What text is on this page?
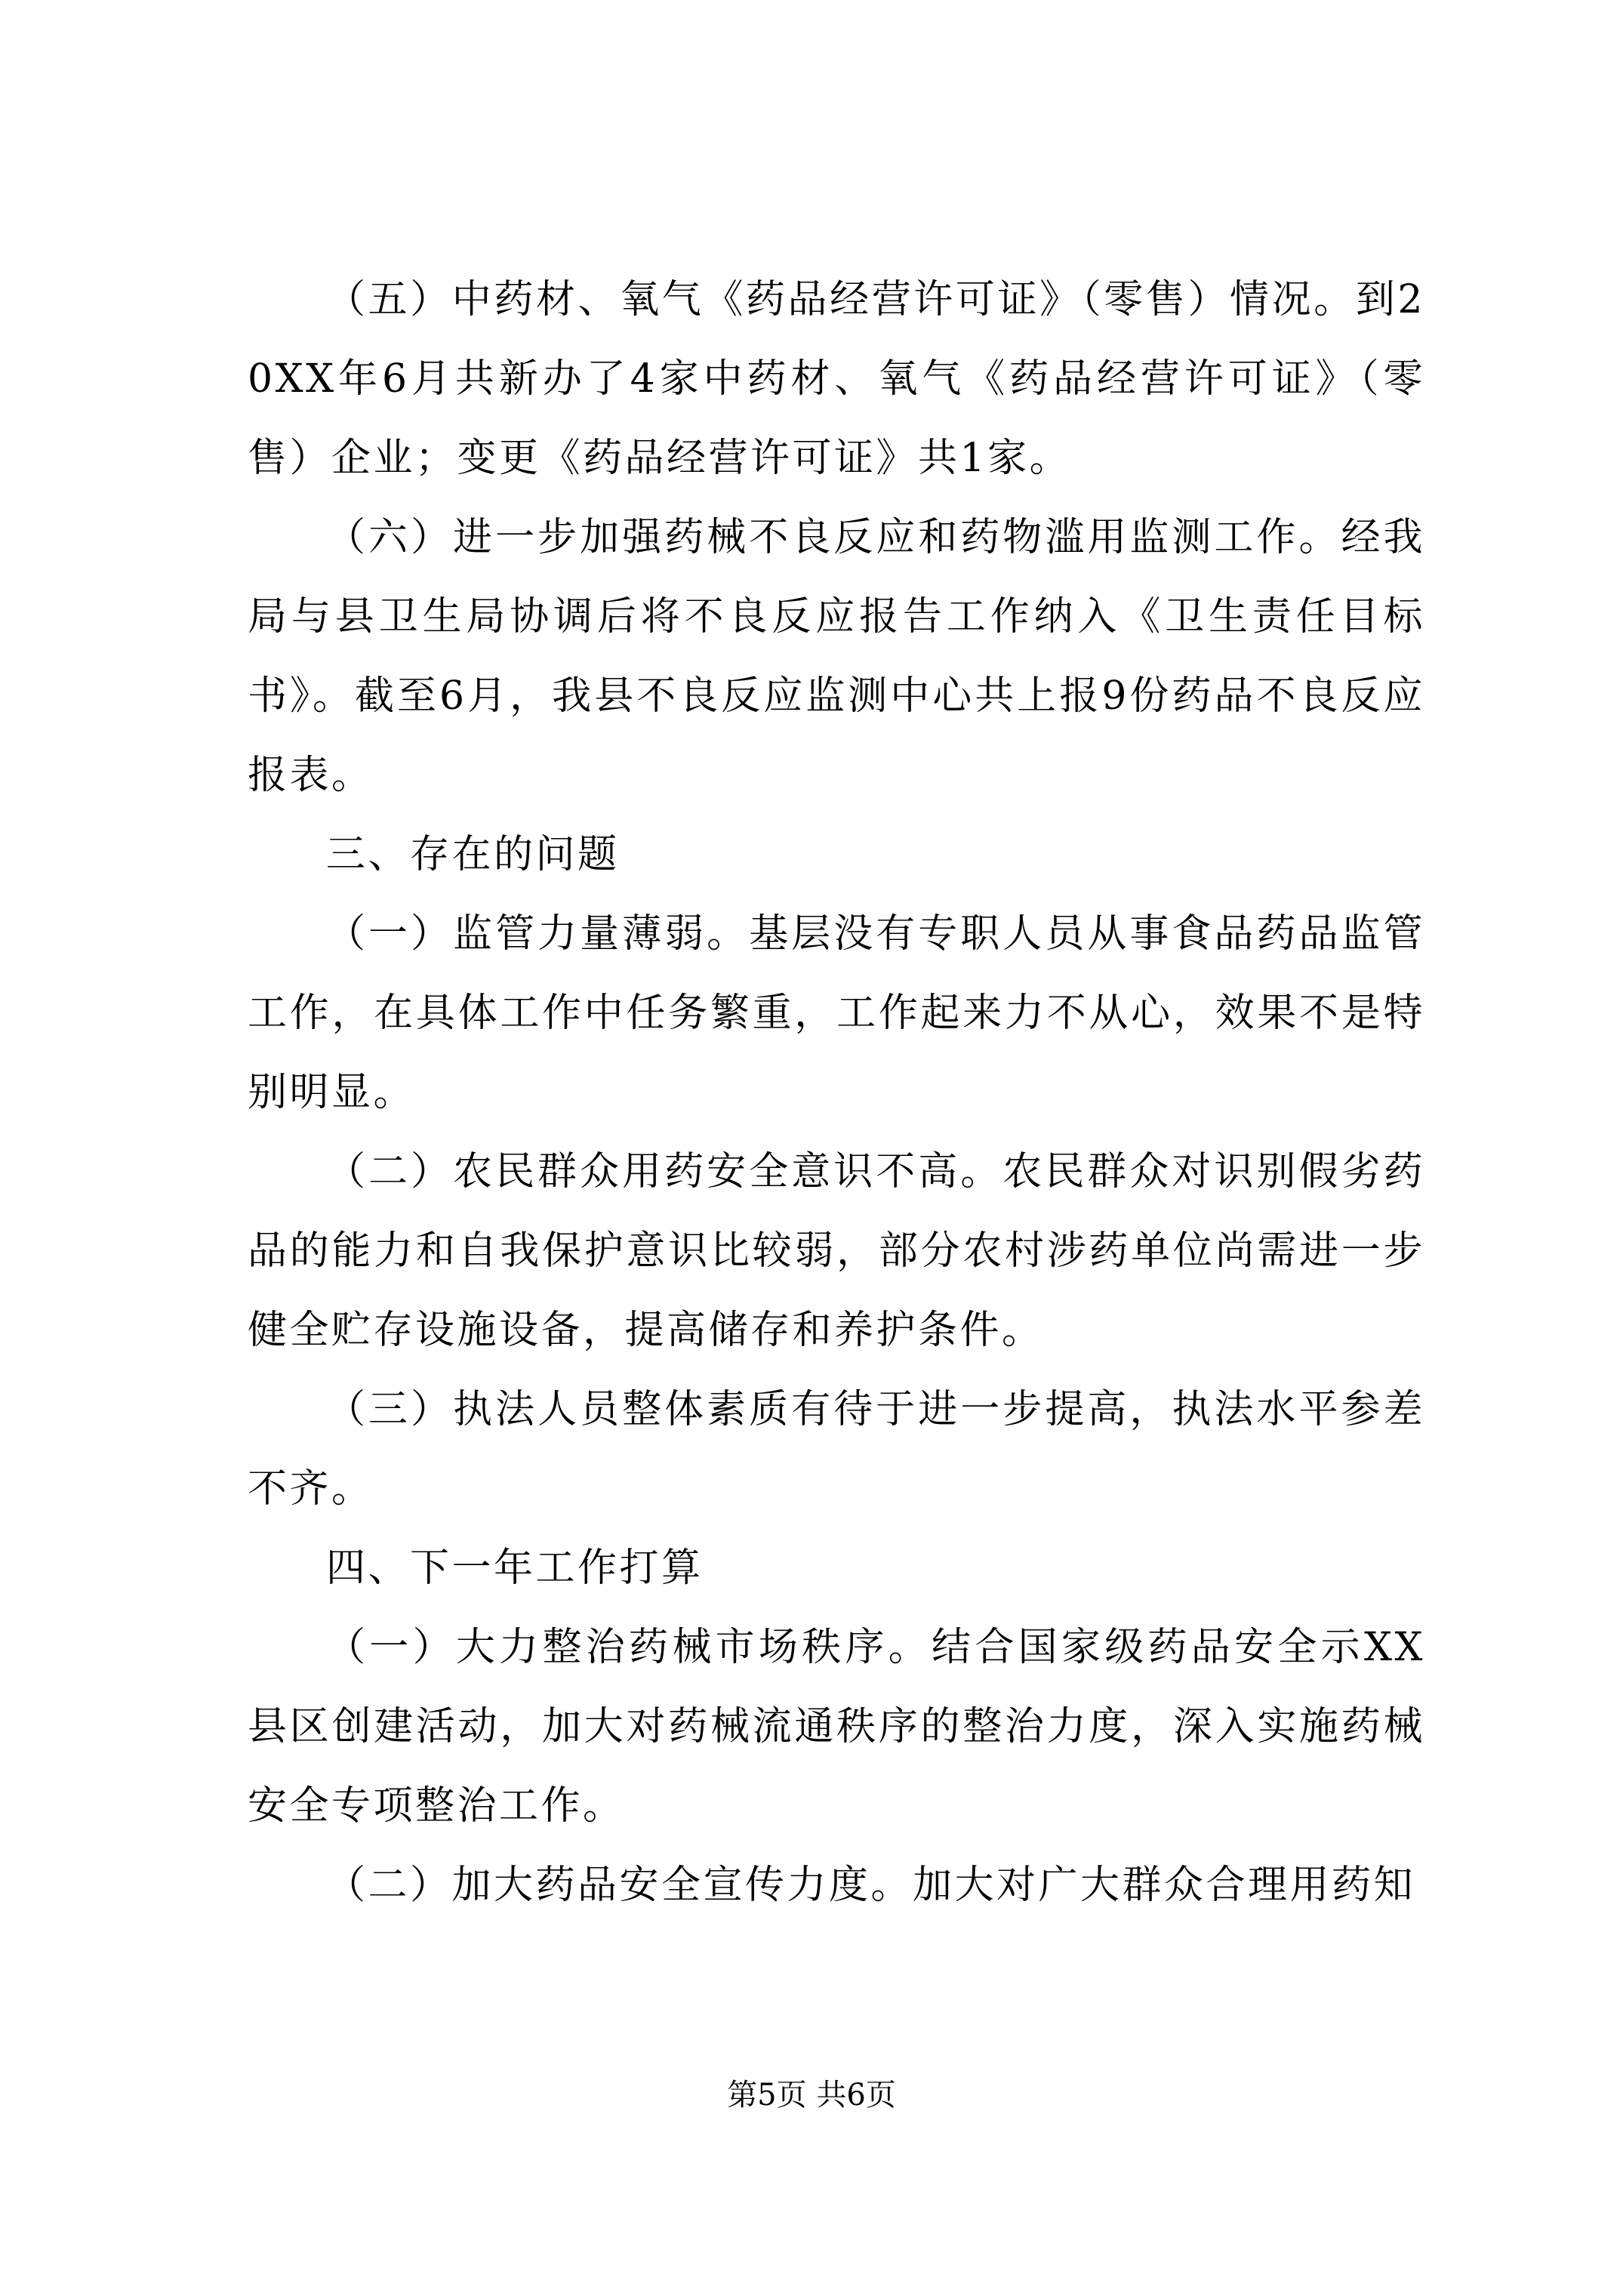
（五）中药材、氧气《药品经营许可证》（零售）情况。到20XX年6月共新办了4家中药材、氧气《药品经营许可证》（零售）企业；变更《药品经营许可证》共1家。

（六）进一步加强药械不良反应和药物滥用监测工作。经我局与县卫生局协调后将不良反应报告工作纳入《卫生责任目标书》。截至6月，我县不良反应监测中心共上报9份药品不良反应报表。

三、存在的问题

（一）监管力量薄弱。基层没有专职人员从事食品药品监管工作，在具体工作中任务繁重，工作起来力不从心，效果不是特别明显。

（二）农民群众用药安全意识不高。农民群众对识别假劣药品的能力和自我保护意识比较弱，部分农村涉药单位尚需进一步健全贮存设施设备，提高储存和养护条件。

（三）执法人员整体素质有待于进一步提高，执法水平参差不齐。

四、下一年工作打算

（一）大力整治药械市场秩序。结合国家级药品安全示XX县区创建活动，加大对药械流通秩序的整治力度，深入实施药械安全专项整治工作。

（二）加大药品安全宣传力度。加大对广大群众合理用药知

第5页 共6页
